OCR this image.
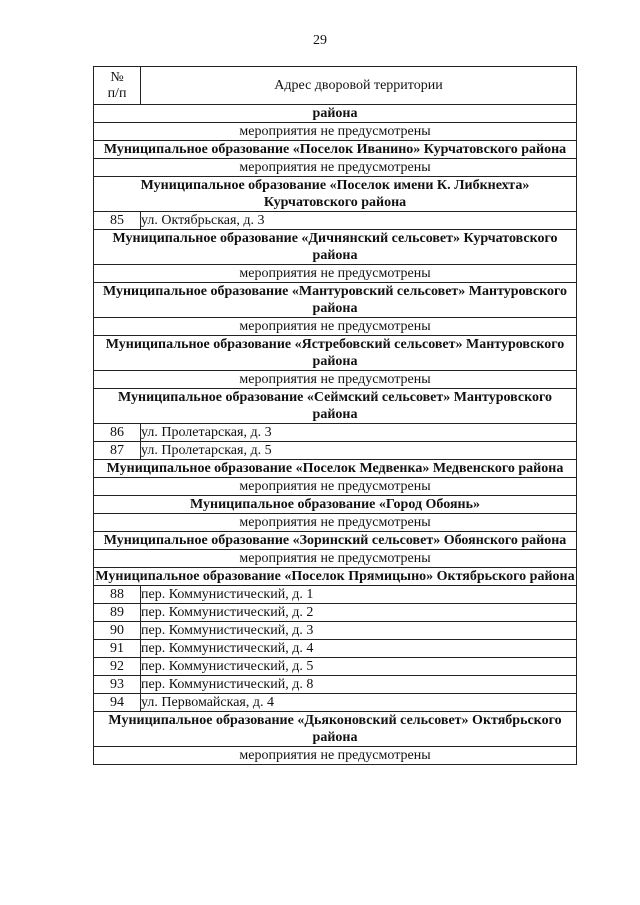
29
№
п/п	Адрес дворовой территории
района	
мероприятия не предусмотрены	
Муниципальное образование «Поселок Иванино» Курчатовского района	
мероприятия не предусмотрены	
Муниципальное образование «Поселок имени К. Либкнехта» Курчатовского района	
85	ул. Октябрьская, д. 3
Муниципальное образование «Дичнянский сельсовет» Курчатовского района	
мероприятия не предусмотрены	
Муниципальное образование «Мантуровский сельсовет» Мантуровского района	
мероприятия не предусмотрены	
Муниципальное образование «Ястребовский сельсовет» Мантуровского района	
мероприятия не предусмотрены	
Муниципальное образование «Сеймский сельсовет» Мантуровского района	
86	ул. Пролетарская, д. 3
87	ул. Пролетарская, д. 5
Муниципальное образование «Поселок Медвенка» Медвенского района	
мероприятия не предусмотрены	
Муниципальное образование «Город Обоянь»	
мероприятия не предусмотрены	
Муниципальное образование «Зоринский сельсовет» Обоянского района	
мероприятия не предусмотрены	
Муниципальное образование «Поселок Прямицыно» Октябрьского района	
88	пер. Коммунистический, д. 1
89	пер. Коммунистический, д. 2
90	пер. Коммунистический, д. 3
91	пер. Коммунистический, д. 4
92	пер. Коммунистический, д. 5
93	пер. Коммунистический, д. 8
94	ул. Первомайская, д. 4
Муниципальное образование «Дьяконовский сельсовет» Октябрьского района	
мероприятия не предусмотрены	
